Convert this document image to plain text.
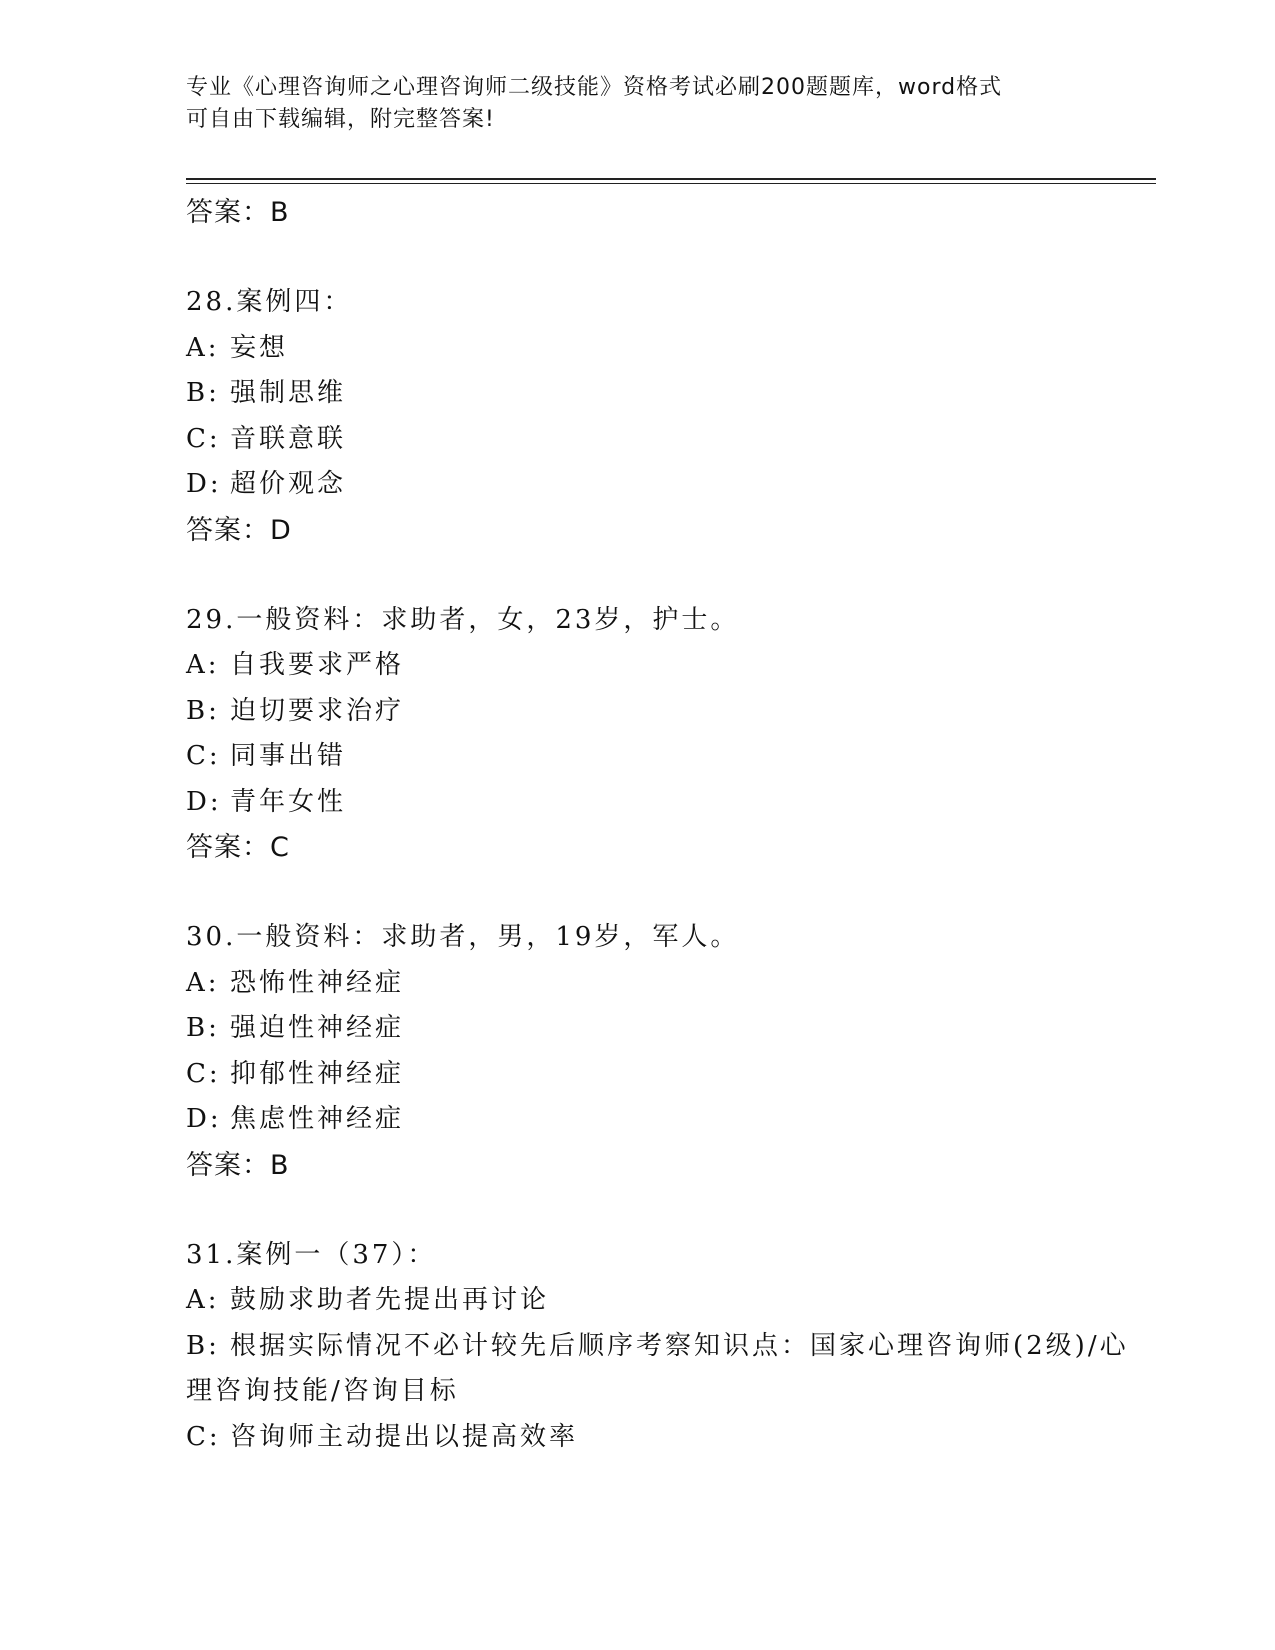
专业《心理咨询师之心理咨询师二级技能》资格考试必刷200题题库，word格式
可自由下载编辑，附完整答案!
答案：B
28.案例四：
A: 妄想
B: 强制思维
C: 音联意联
D: 超价观念
答案：D
29.一般资料：求助者，女，23岁，护士。
A: 自我要求严格
B: 迫切要求治疗
C: 同事出错
D: 青年女性
答案：C
30.一般资料：求助者，男，19岁，军人。
A: 恐怖性神经症
B: 强迫性神经症
C: 抑郁性神经症
D: 焦虑性神经症
答案：B
31.案例一（37）：
A: 鼓励求助者先提出再讨论
B: 根据实际情况不必计较先后顺序考察知识点：国家心理咨询师(2级)/心理咨询技能/咨询目标
C: 咨询师主动提出以提高效率
